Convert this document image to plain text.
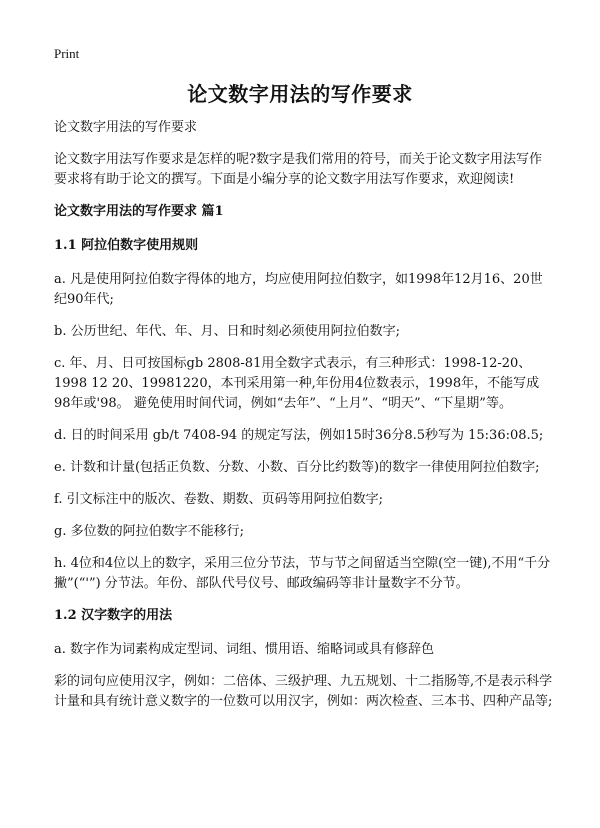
Print
论文数字用法的写作要求

论文数字用法的写作要求

论文数字用法写作要求是怎样的呢?数字是我们常用的符号，而关于论文数字用法写作要求将有助于论文的撰写。下面是小编分享的论文数字用法写作要求，欢迎阅读!

论文数字用法的写作要求 篇1
1.1 阿拉伯数字使用规则

a. 凡是使用阿拉伯数字得体的地方，均应使用阿拉伯数字，如1998年12月16、20世纪90年代;

b. 公历世纪、年代、年、月、日和时刻必须使用阿拉伯数字;

c. 年、月、日可按国标gb 2808-81用全数字式表示，有三种形式：1998-12-20、1998 12 20、19981220，本刊采用第一种,年份用4位数表示，1998年，不能写成98年或'98。 避免使用时间代词，例如“去年”、“上月”、“明天”、“下星期”等。

d. 日的时间采用 gb/t 7408-94 的规定写法，例如15时36分8.5秒写为 15:36:08.5;

e. 计数和计量(包括正负数、分数、小数、百分比约数等)的数字一律使用阿拉伯数字;

f. 引文标注中的版次、卷数、期数、页码等用阿拉伯数字;

g. 多位数的阿拉伯数字不能移行;

h. 4位和4位以上的数字，采用三位分节法，节与节之间留适当空隙(空一键),不用“千分撇”(“'”) 分节法。年份、部队代号仪号、邮政编码等非计量数字不分节。

1.2 汉字数字的用法

a. 数字作为词素构成定型词、词组、惯用语、缩略词或具有修辞色

彩的词句应使用汉字，例如：二倍体、三级护理、九五规划、十二指肠等,不是表示科学计量和具有统计意义数字的一位数可以用汉字，例如：两次检查、三本书、四种产品等;
